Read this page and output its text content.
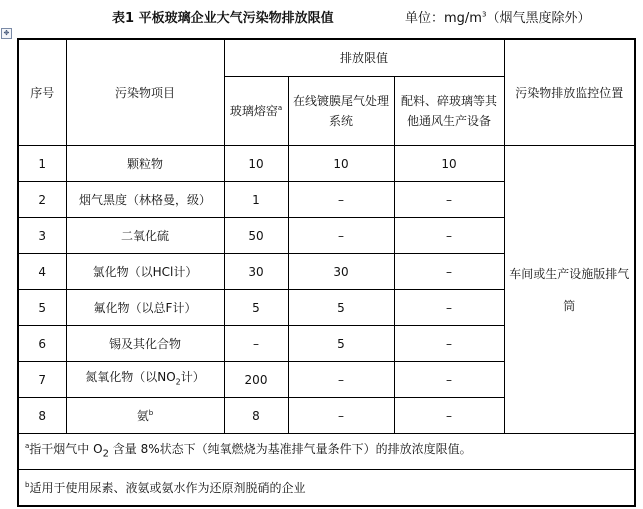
表1 平板玻璃企业大气污染物排放限值	单位：$mg/m^3$（烟气黑度除外）
✥
序号	污染物项目	排放限值			污染物排放监控位置
		玻璃熔窑$^a$	在线镀膜尾气处理系统	配料、碎玻璃等其他通风生产设备	
1	颗粒物	10	10	10	车间或生产设施版排气筒
2	烟气黑度（林格曼，级）	1	–	–	
3	二氧化硫	50	–	–	
4	氯化物（以HCl计）	30	30	–	
5	氟化物（以总F计）	5	5	–	
6	锡及其化合物	–	5	–	
7	氮氧化物（以$NO_2$计）	200	–	–	
8	氨$^b$	8	–	–	
$^a$指干烟气中 $O_2$ 含量 8%状态下（纯氧燃烧为基准排气量条件下）的排放浓度限值。					
$^b$适用于使用尿素、液氨或氨水作为还原剂脱硝的企业					
